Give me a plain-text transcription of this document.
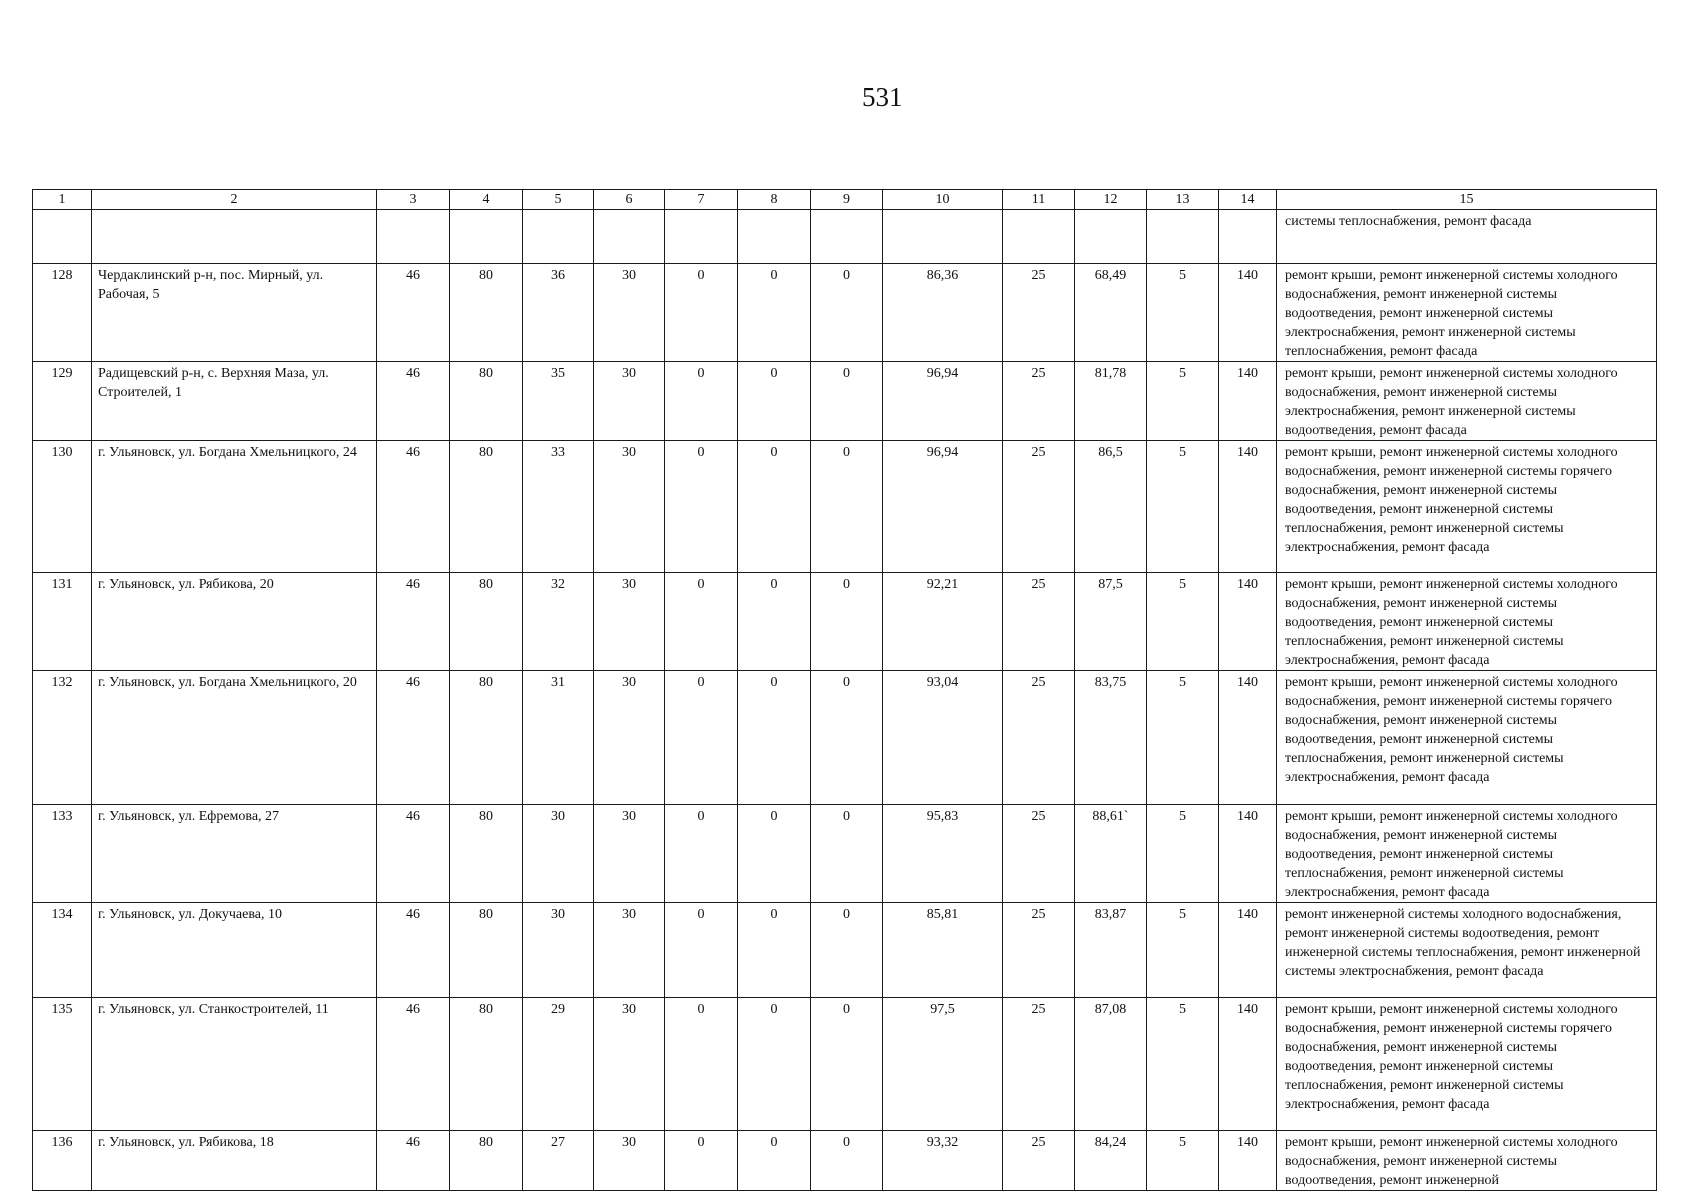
531
1	2	3	4	5	6	7	8	9	10	11	12	13	14	15
														системы теплоснабжения, ремонт фасада
128	Чердаклинский р-н, пос. Мирный, ул. Рабочая, 5	46	80	36	30	0	0	0	86,36	25	68,49	5	140	ремонт крыши, ремонт инженерной системы холодного водоснабжения, ремонт инженерной системы водоотведения, ремонт инженерной системы электроснабжения, ремонт инженерной системы теплоснабжения, ремонт фасада
129	Радищевский р-н, с. Верхняя Маза, ул. Строителей, 1	46	80	35	30	0	0	0	96,94	25	81,78	5	140	ремонт крыши, ремонт инженерной системы холодного водоснабжения, ремонт инженерной системы электроснабжения, ремонт инженерной системы водоотведения, ремонт фасада
130	г. Ульяновск, ул. Богдана Хмельницкого, 24	46	80	33	30	0	0	0	96,94	25	86,5	5	140	ремонт крыши, ремонт инженерной системы холодного водоснабжения, ремонт инженерной системы горячего водоснабжения, ремонт инженерной системы водоотведения, ремонт инженерной системы теплоснабжения, ремонт инженерной системы электроснабжения, ремонт фасада
131	г. Ульяновск, ул. Рябикова, 20	46	80	32	30	0	0	0	92,21	25	87,5	5	140	ремонт крыши, ремонт инженерной системы холодного водоснабжения, ремонт инженерной системы водоотведения, ремонт инженерной системы теплоснабжения, ремонт инженерной системы электроснабжения, ремонт фасада
132	г. Ульяновск, ул. Богдана Хмельницкого, 20	46	80	31	30	0	0	0	93,04	25	83,75	5	140	ремонт крыши, ремонт инженерной системы холодного водоснабжения, ремонт инженерной системы горячего водоснабжения, ремонт инженерной системы водоотведения, ремонт инженерной системы теплоснабжения, ремонт инженерной системы электроснабжения, ремонт фасада
133	г. Ульяновск, ул. Ефремова, 27	46	80	30	30	0	0	0	95,83	25	88,61`	5	140	ремонт крыши, ремонт инженерной системы холодного водоснабжения, ремонт инженерной системы водоотведения, ремонт инженерной системы теплоснабжения, ремонт инженерной системы электроснабжения, ремонт фасада
134	г. Ульяновск, ул. Докучаева, 10	46	80	30	30	0	0	0	85,81	25	83,87	5	140	ремонт инженерной системы холодного водоснабжения, ремонт инженерной системы водоотведения, ремонт инженерной системы теплоснабжения, ремонт инженерной системы электроснабжения, ремонт фасада
135	г. Ульяновск, ул. Станкостроителей, 11	46	80	29	30	0	0	0	97,5	25	87,08	5	140	ремонт крыши, ремонт инженерной системы холодного водоснабжения, ремонт инженерной системы горячего водоснабжения, ремонт инженерной системы водоотведения, ремонт инженерной системы теплоснабжения, ремонт инженерной системы электроснабжения, ремонт фасада
136	г. Ульяновск, ул. Рябикова, 18	46	80	27	30	0	0	0	93,32	25	84,24	5	140	ремонт крыши, ремонт инженерной системы холодного водоснабжения, ремонт инженерной системы водоотведения, ремонт инженерной
